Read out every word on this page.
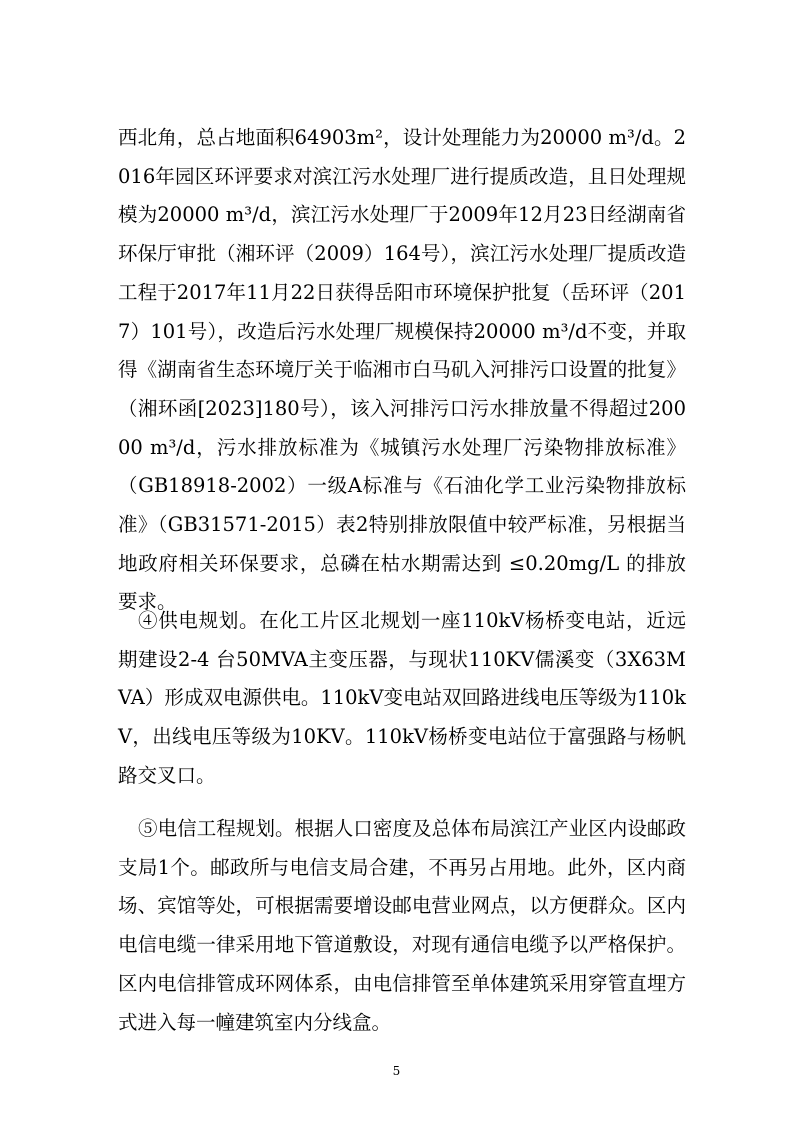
西北角，总占地面积64903m²，设计处理能力为20000 m³/d。2016年园区环评要求对滨江污水处理厂进行提质改造，且日处理规模为20000 m³/d，滨江污水处理厂于2009年12月23日经湖南省环保厅审批（湘环评（2009）164号），滨江污水处理厂提质改造工程于2017年11月22日获得岳阳市环境保护批复（岳环评（2017）101号），改造后污水处理厂规模保持20000 m³/d不变，并取得《湖南省生态环境厅关于临湘市白马矶入河排污口设置的批复》（湘环函[2023]180号），该入河排污口污水排放量不得超过20000 m³/d，污水排放标准为《城镇污水处理厂污染物排放标准》（GB18918-2002）一级A标准与《石油化学工业污染物排放标准》（GB31571-2015）表2特别排放限值中较严标准，另根据当地政府相关环保要求，总磷在枯水期需达到 ≤0.20mg/L 的排放要求。

④供电规划。在化工片区北规划一座110kV杨桥变电站，近远期建设2-4 台50MVA主变压器，与现状110KV儒溪变（3X63MVA）形成双电源供电。110kV变电站双回路进线电压等级为110kV，出线电压等级为10KV。110kV杨桥变电站位于富强路与杨帆路交叉口。

⑤电信工程规划。根据人口密度及总体布局滨江产业区内设邮政支局1个。邮政所与电信支局合建，不再另占用地。此外，区内商场、宾馆等处，可根据需要增设邮电营业网点，以方便群众。区内电信电缆一律采用地下管道敷设，对现有通信电缆予以严格保护。区内电信排管成环网体系，由电信排管至单体建筑采用穿管直埋方式进入每一幢建筑室内分线盒。

5
